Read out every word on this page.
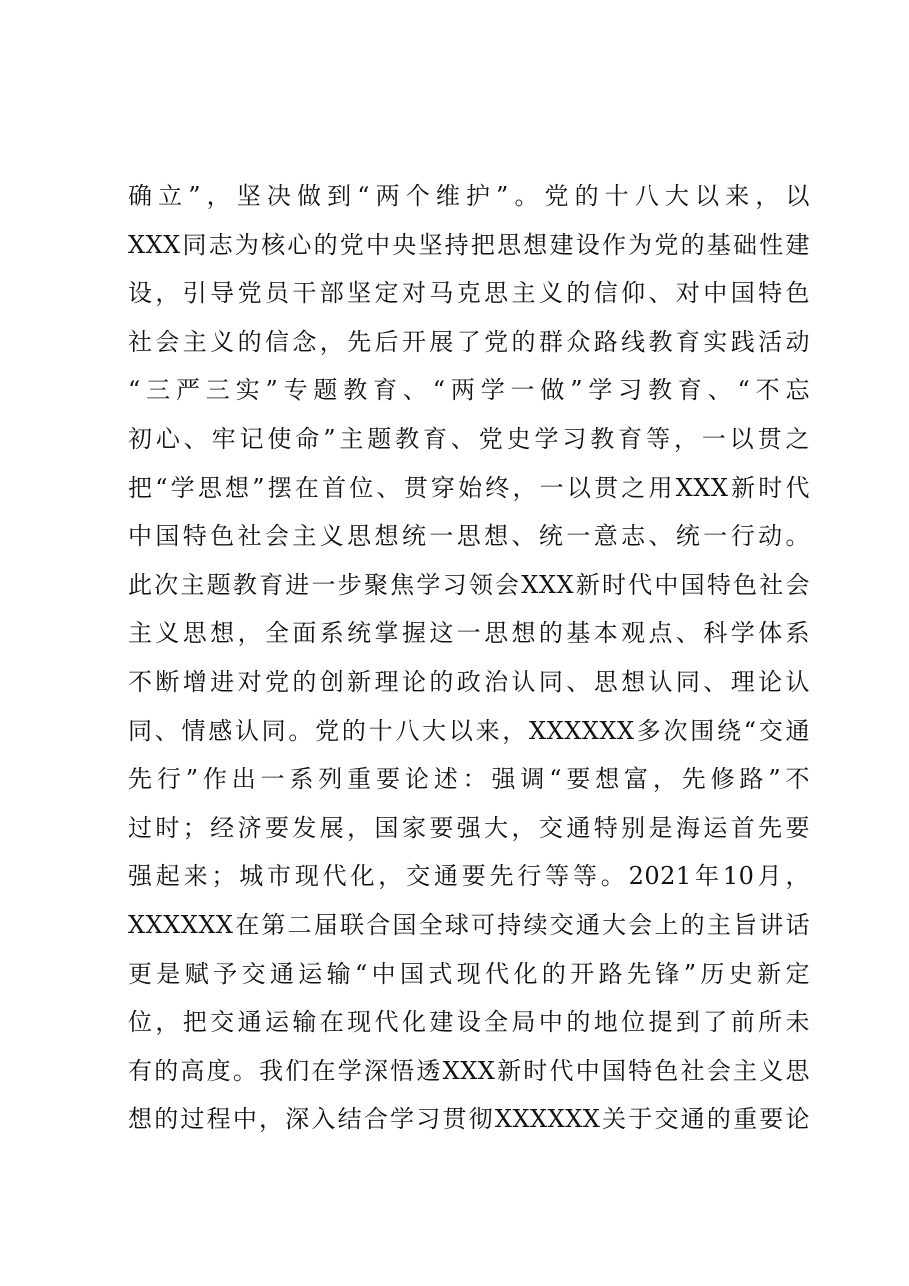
确立”，坚决做到“两个维护”。党的十八大以来，以
XXX同志为核心的党中央坚持把思想建设作为党的基础性建
设，引导党员干部坚定对马克思主义的信仰、对中国特色
社会主义的信念，先后开展了党的群众路线教育实践活动
“三严三实”专题教育、“两学一做”学习教育、“不忘
初心、牢记使命”主题教育、党史学习教育等，一以贯之
把“学思想”摆在首位、贯穿始终，一以贯之用XXX新时代
中国特色社会主义思想统一思想、统一意志、统一行动。
此次主题教育进一步聚焦学习领会XXX新时代中国特色社会
主义思想，全面系统掌握这一思想的基本观点、科学体系
不断增进对党的创新理论的政治认同、思想认同、理论认
同、情感认同。党的十八大以来，XXXXXX多次围绕“交通
先行”作出一系列重要论述：强调“要想富，先修路”不
过时；经济要发展，国家要强大，交通特别是海运首先要
强起来；城市现代化，交通要先行等等。2021年10月，
XXXXXX在第二届联合国全球可持续交通大会上的主旨讲话
更是赋予交通运输“中国式现代化的开路先锋”历史新定
位，把交通运输在现代化建设全局中的地位提到了前所未
有的高度。我们在学深悟透XXX新时代中国特色社会主义思
想的过程中，深入结合学习贯彻XXXXXX关于交通的重要论
